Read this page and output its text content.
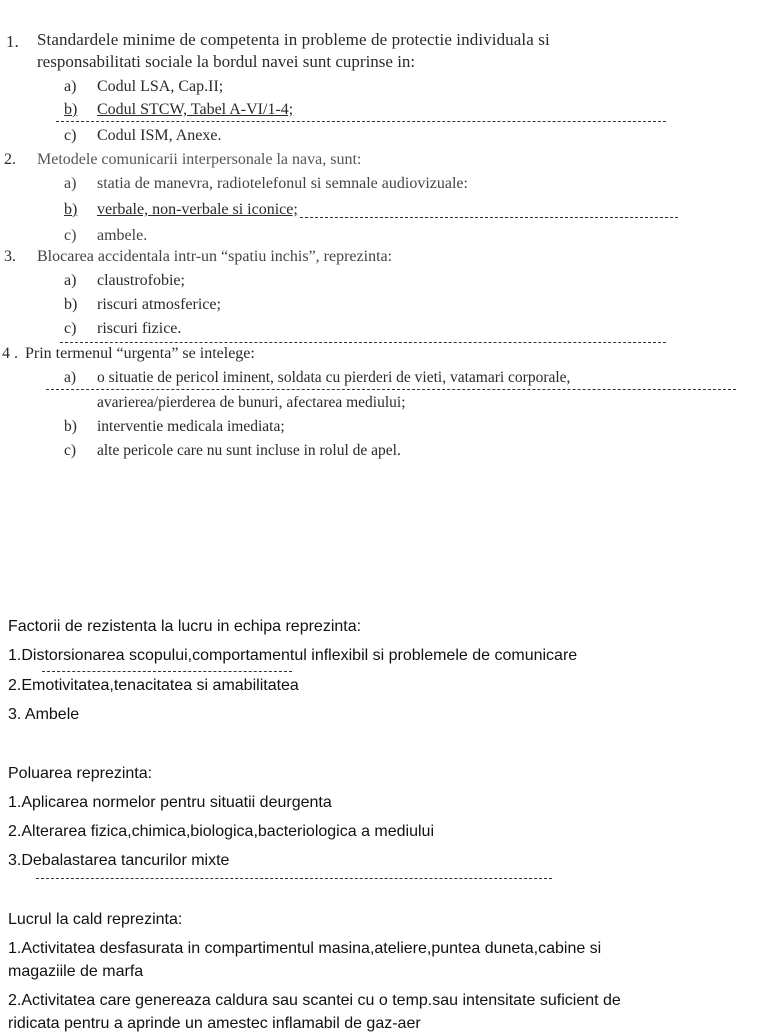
1. Standardele minime de competenta in probleme de protectie individuala si
responsabilitati sociale la bordul navei sunt cuprinse in:
a) Codul LSA, Cap.II;
b) Codul STCW, Tabel A-VI/1-4;
c) Codul ISM, Anexe.
2. Metodele comunicarii interpersonale la nava, sunt:
a) statia de manevra, radiotelefonul si semnale audiovizuale:
b) verbale, non-verbale si iconice;
c) ambele.
3. Blocarea accidentala intr-un “spatiu inchis”, reprezinta:
a) claustrofobie;
b) riscuri atmosferice;
c) riscuri fizice.
4 . Prin termenul “urgenta” se intelege:
a) o situatie de pericol iminent, soldata cu pierderi de vieti, vatamari corporale,
avarierea/pierderea de bunuri, afectarea mediului;
b) interventie medicala imediata;
c) alte pericole care nu sunt incluse in rolul de apel.
Factorii de rezistenta la lucru in echipa reprezinta:
1.Distorsionarea scopului,comportamentul inflexibil si problemele de comunicare
2.Emotivitatea,tenacitatea si amabilitatea
3. Ambele
Poluarea reprezinta:
1.Aplicarea normelor pentru situatii deurgenta
2.Alterarea fizica,chimica,biologica,bacteriologica a mediului
3.Debalastarea tancurilor mixte
Lucrul la cald reprezinta:
1.Activitatea desfasurata in compartimentul masina,ateliere,puntea duneta,cabine si
magaziile de marfa
2.Activitatea care genereaza caldura sau scantei cu o temp.sau intensitate suficient de
ridicata pentru a aprinde un amestec inflamabil de gaz-aer
